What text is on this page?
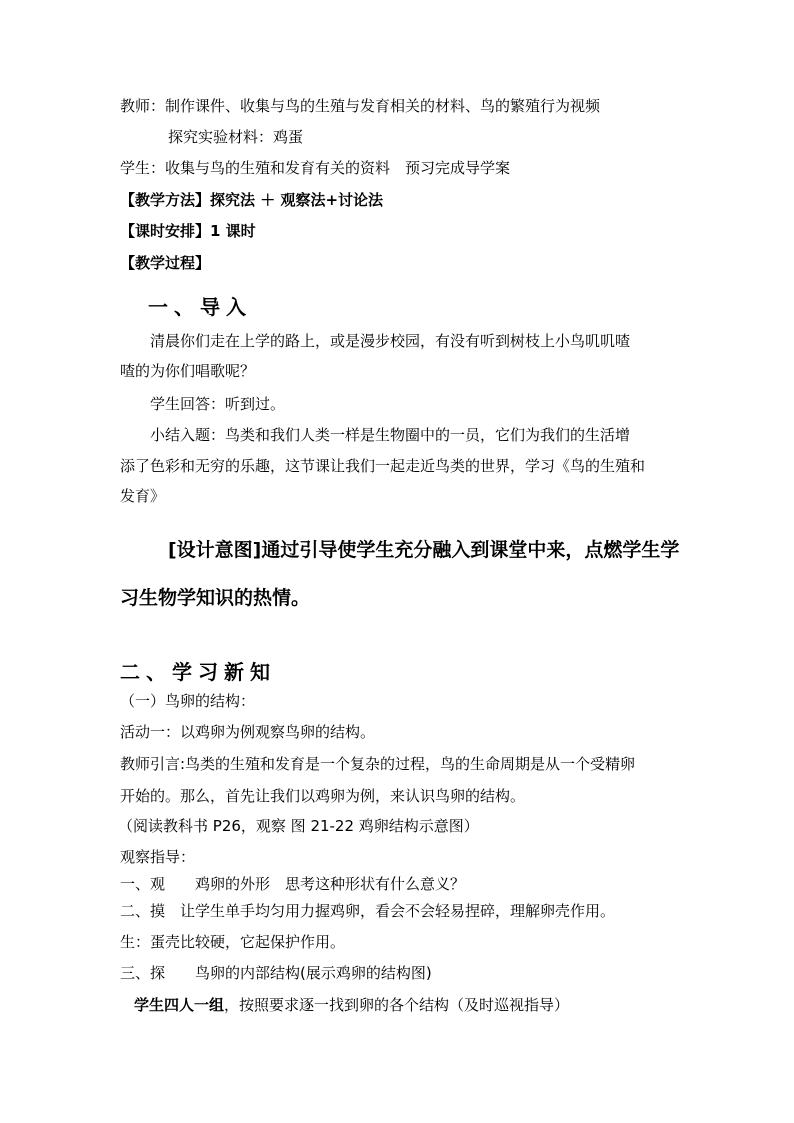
教师：制作课件、收集与鸟的生殖与发育相关的材料、鸟的繁殖行为视频
探究实验材料：鸡蛋
学生：收集与鸟的生殖和发育有关的资料　预习完成导学案
【教学方法】探究法 ＋ 观察法+讨论法
【课时安排】1 课时
【教学过程】
一、导入
清晨你们走在上学的路上，或是漫步校园，有没有听到树枝上小鸟叽叽喳
喳的为你们唱歌呢？
学生回答：听到过。
小结入题：鸟类和我们人类一样是生物圈中的一员，它们为我们的生活增
添了色彩和无穷的乐趣，这节课让我们一起走近鸟类的世界，学习《鸟的生殖和
发育》
[设计意图]通过引导使学生充分融入到课堂中来，点燃学生学
习生物学知识的热情。
二、学习新知
（一）鸟卵的结构：
活动一：以鸡卵为例观察鸟卵的结构。
教师引言:鸟类的生殖和发育是一个复杂的过程，鸟的生命周期是从一个受精卵
开始的。那么，首先让我们以鸡卵为例，来认识鸟卵的结构。
（阅读教科书 P26，观察 图 21-22 鸡卵结构示意图）
观察指导：
一、观　　鸡卵的外形　思考这种形状有什么意义？
二、摸　让学生单手均匀用力握鸡卵，看会不会轻易捏碎，理解卵壳作用。
生：蛋壳比较硬，它起保护作用。
三、探　　鸟卵的内部结构(展示鸡卵的结构图)
学生四人一组，按照要求逐一找到卵的各个结构（及时巡视指导）
